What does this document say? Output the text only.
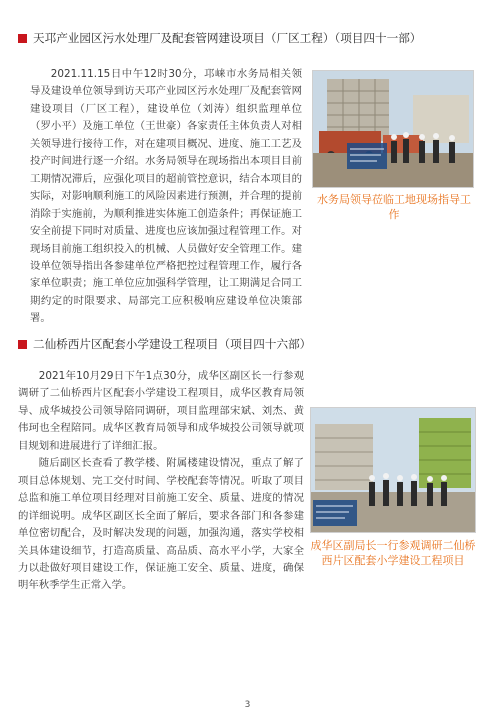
天邛产业园区污水处理厂及配套管网建设项目（厂区工程）（项目四十一部）

2021.11.15日中午12时30分，邛崃市水务局相关领导及建设单位领导到访天邛产业园区污水处理厂及配套管网建设项目（厂区工程），建设单位（刘涛）组织监理单位（罗小平）及施工单位（王世豪）各家责任主体负责人对相关领导进行接待工作，对在建项目概况、进度、施工工艺及投产时间进行逐一介绍。水务局领导在现场指出本项目目前工期情况滞后，应强化项目的超前管控意识，结合本项目的实际，对影响顺利施工的风险因素进行预测，并合理的提前消除于实施前，为顺利推进实体施工创造条件；再保证施工安全前提下同时对质量、进度也应该加强过程管理工作。对现场目前施工组织投入的机械、人员做好安全管理工作。建设单位领导指出各参建单位严格把控过程管理工作，履行各家单位职责；施工单位应加强科学管理，让工期满足合同工期约定的时限要求、局部完工应积极响应建设单位决策部署。

水务局领导莅临工地现场指导工作
二仙桥西片区配套小学建设工程项目（项目四十六部）

2021年10月29日下午1点30分，成华区副区长一行参观调研了二仙桥西片区配套小学建设工程项目，成华区教育局领导、成华城投公司领导陪同调研，项目监理部宋斌、刘杰、黄伟珂也全程陪同。成华区教育局领导和成华城投公司领导就项目规划和进展进行了详细汇报。

随后副区长查看了教学楼、附属楼建设情况，重点了解了项目总体规划、完工交付时间、学校配套等情况。听取了项目总监和施工单位项目经理对目前施工安全、质量、进度的情况的详细说明。成华区副区长全面了解后，要求各部门和各参建单位密切配合，及时解决发现的问题，加强沟通，落实学校相关具体建设细节，打造高质量、高品质、高水平小学，大家全力以赴做好项目建设工作，保证施工安全、质量、进度，确保明年秋季学生正常入学。

成华区副局长一行参观调研二仙桥西片区配套小学建设工程项目
3
